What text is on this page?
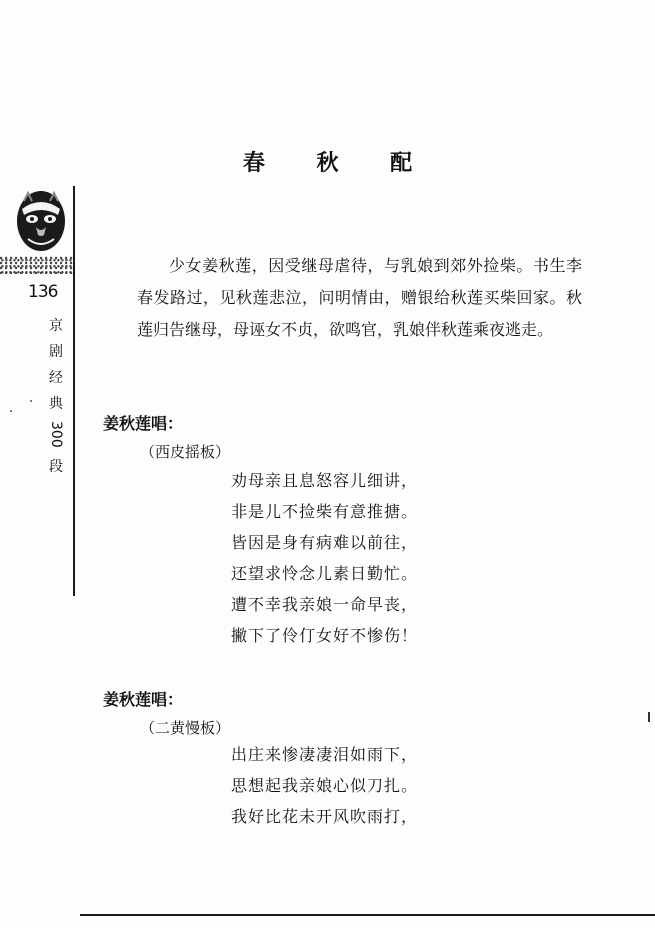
春 秋 配
136
京剧经典
300
段
少女姜秋莲，因受继母虐待，与乳娘到郊外捡柴。书生李春发路过，见秋莲悲泣，问明情由，赠银给秋莲买柴回家。秋莲归告继母，母诬女不贞，欲鸣官，乳娘伴秋莲乘夜逃走。
姜秋莲唱：
（西皮摇板）
劝母亲且息怒容儿细讲，
非是儿不捡柴有意推搪。
皆因是身有病难以前往，
还望求怜念儿素日勤忙。
遭不幸我亲娘一命早丧，
撇下了伶仃女好不惨伤！
姜秋莲唱：
（二黄慢板）
出庄来惨凄凄泪如雨下，
思想起我亲娘心似刀扎。
我好比花未开风吹雨打，
